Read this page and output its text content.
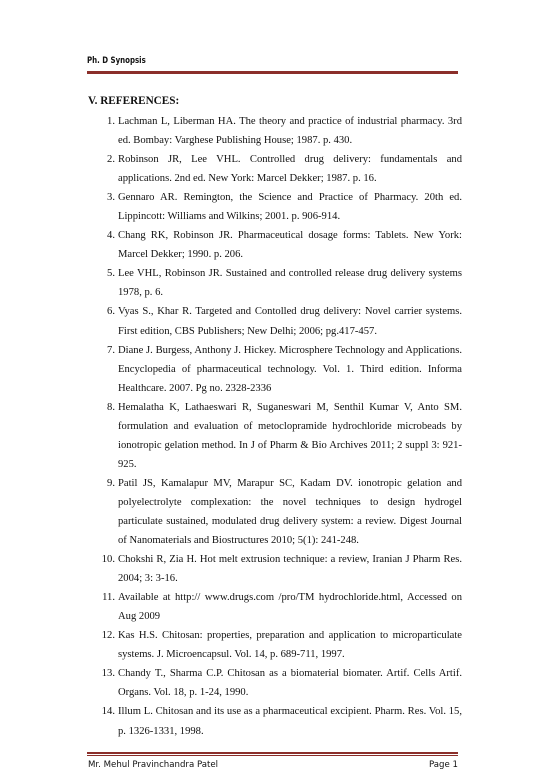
Ph. D Synopsis
V. REFERENCES:
1. Lachman L, Liberman HA. The theory and practice of industrial pharmacy. 3rd ed. Bombay: Varghese Publishing House; 1987. p. 430.
2. Robinson JR, Lee VHL. Controlled drug delivery: fundamentals and applications. 2nd ed. New York: Marcel Dekker; 1987. p. 16.
3. Gennaro AR. Remington, the Science and Practice of Pharmacy. 20th ed. Lippincott: Williams and Wilkins; 2001. p. 906-914.
4. Chang RK, Robinson JR. Pharmaceutical dosage forms: Tablets. New York: Marcel Dekker; 1990. p. 206.
5. Lee VHL, Robinson JR. Sustained and controlled release drug delivery systems 1978, p. 6.
6. Vyas S., Khar R. Targeted and Contolled drug delivery: Novel carrier systems. First edition, CBS Publishers; New Delhi; 2006; pg.417-457.
7. Diane J. Burgess, Anthony J. Hickey. Microsphere Technology and Applications. Encyclopedia of pharmaceutical technology. Vol. 1. Third edition. Informa Healthcare. 2007. Pg no. 2328-2336
8. Hemalatha K, Lathaeswari R, Suganeswari M, Senthil Kumar V, Anto SM. formulation and evaluation of metoclopramide hydrochloride microbeads by ionotropic gelation method. In J of Pharm & Bio Archives 2011; 2 suppl 3: 921-925.
9. Patil JS, Kamalapur MV, Marapur SC, Kadam DV. ionotropic gelation and polyelectrolyte complexation: the novel techniques to design hydrogel particulate sustained, modulated drug delivery system: a review. Digest Journal of Nanomaterials and Biostructures 2010; 5(1): 241-248.
10. Chokshi R, Zia H. Hot melt extrusion technique: a review, Iranian J Pharm Res. 2004; 3: 3-16.
11. Available at http:// www.drugs.com /pro/TM hydrochloride.html, Accessed on Aug 2009
12. Kas H.S. Chitosan: properties, preparation and application to microparticulate systems. J. Microencapsul. Vol. 14, p. 689-711, 1997.
13. Chandy T., Sharma C.P. Chitosan as a biomaterial biomater. Artif. Cells Artif. Organs. Vol. 18, p. 1-24, 1990.
14. Illum L. Chitosan and its use as a pharmaceutical excipient. Pharm. Res. Vol. 15, p. 1326-1331, 1998.
Mr. Mehul Pravinchandra Patel	Page 1
